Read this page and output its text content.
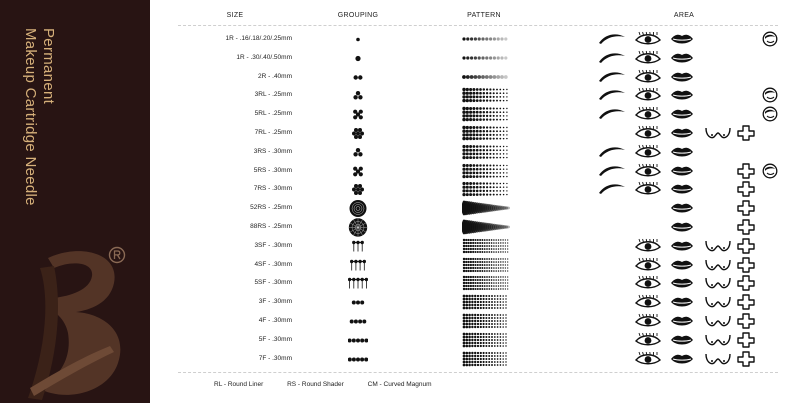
Permanent
Makeup Cartridge Needle
SIZE	GROUPING	PATTERN	AREA
1R - .16/.18/.20/.25mm
1R - .30/.40/.50mm
2R - .40mm
3RL - .25mm
5RL - .25mm
7RL - .25mm
3RS - .30mm
5RS - .30mm
7RS - .30mm
52RS - .25mm
88RS - .25mm
3SF - .30mm
4SF - .30mm
5SF - .30mm
3F - .30mm
4F - .30mm
5F - .30mm
7F - .30mm
RL - Round Liner	RS - Round Shader	CM - Curved Magnum
